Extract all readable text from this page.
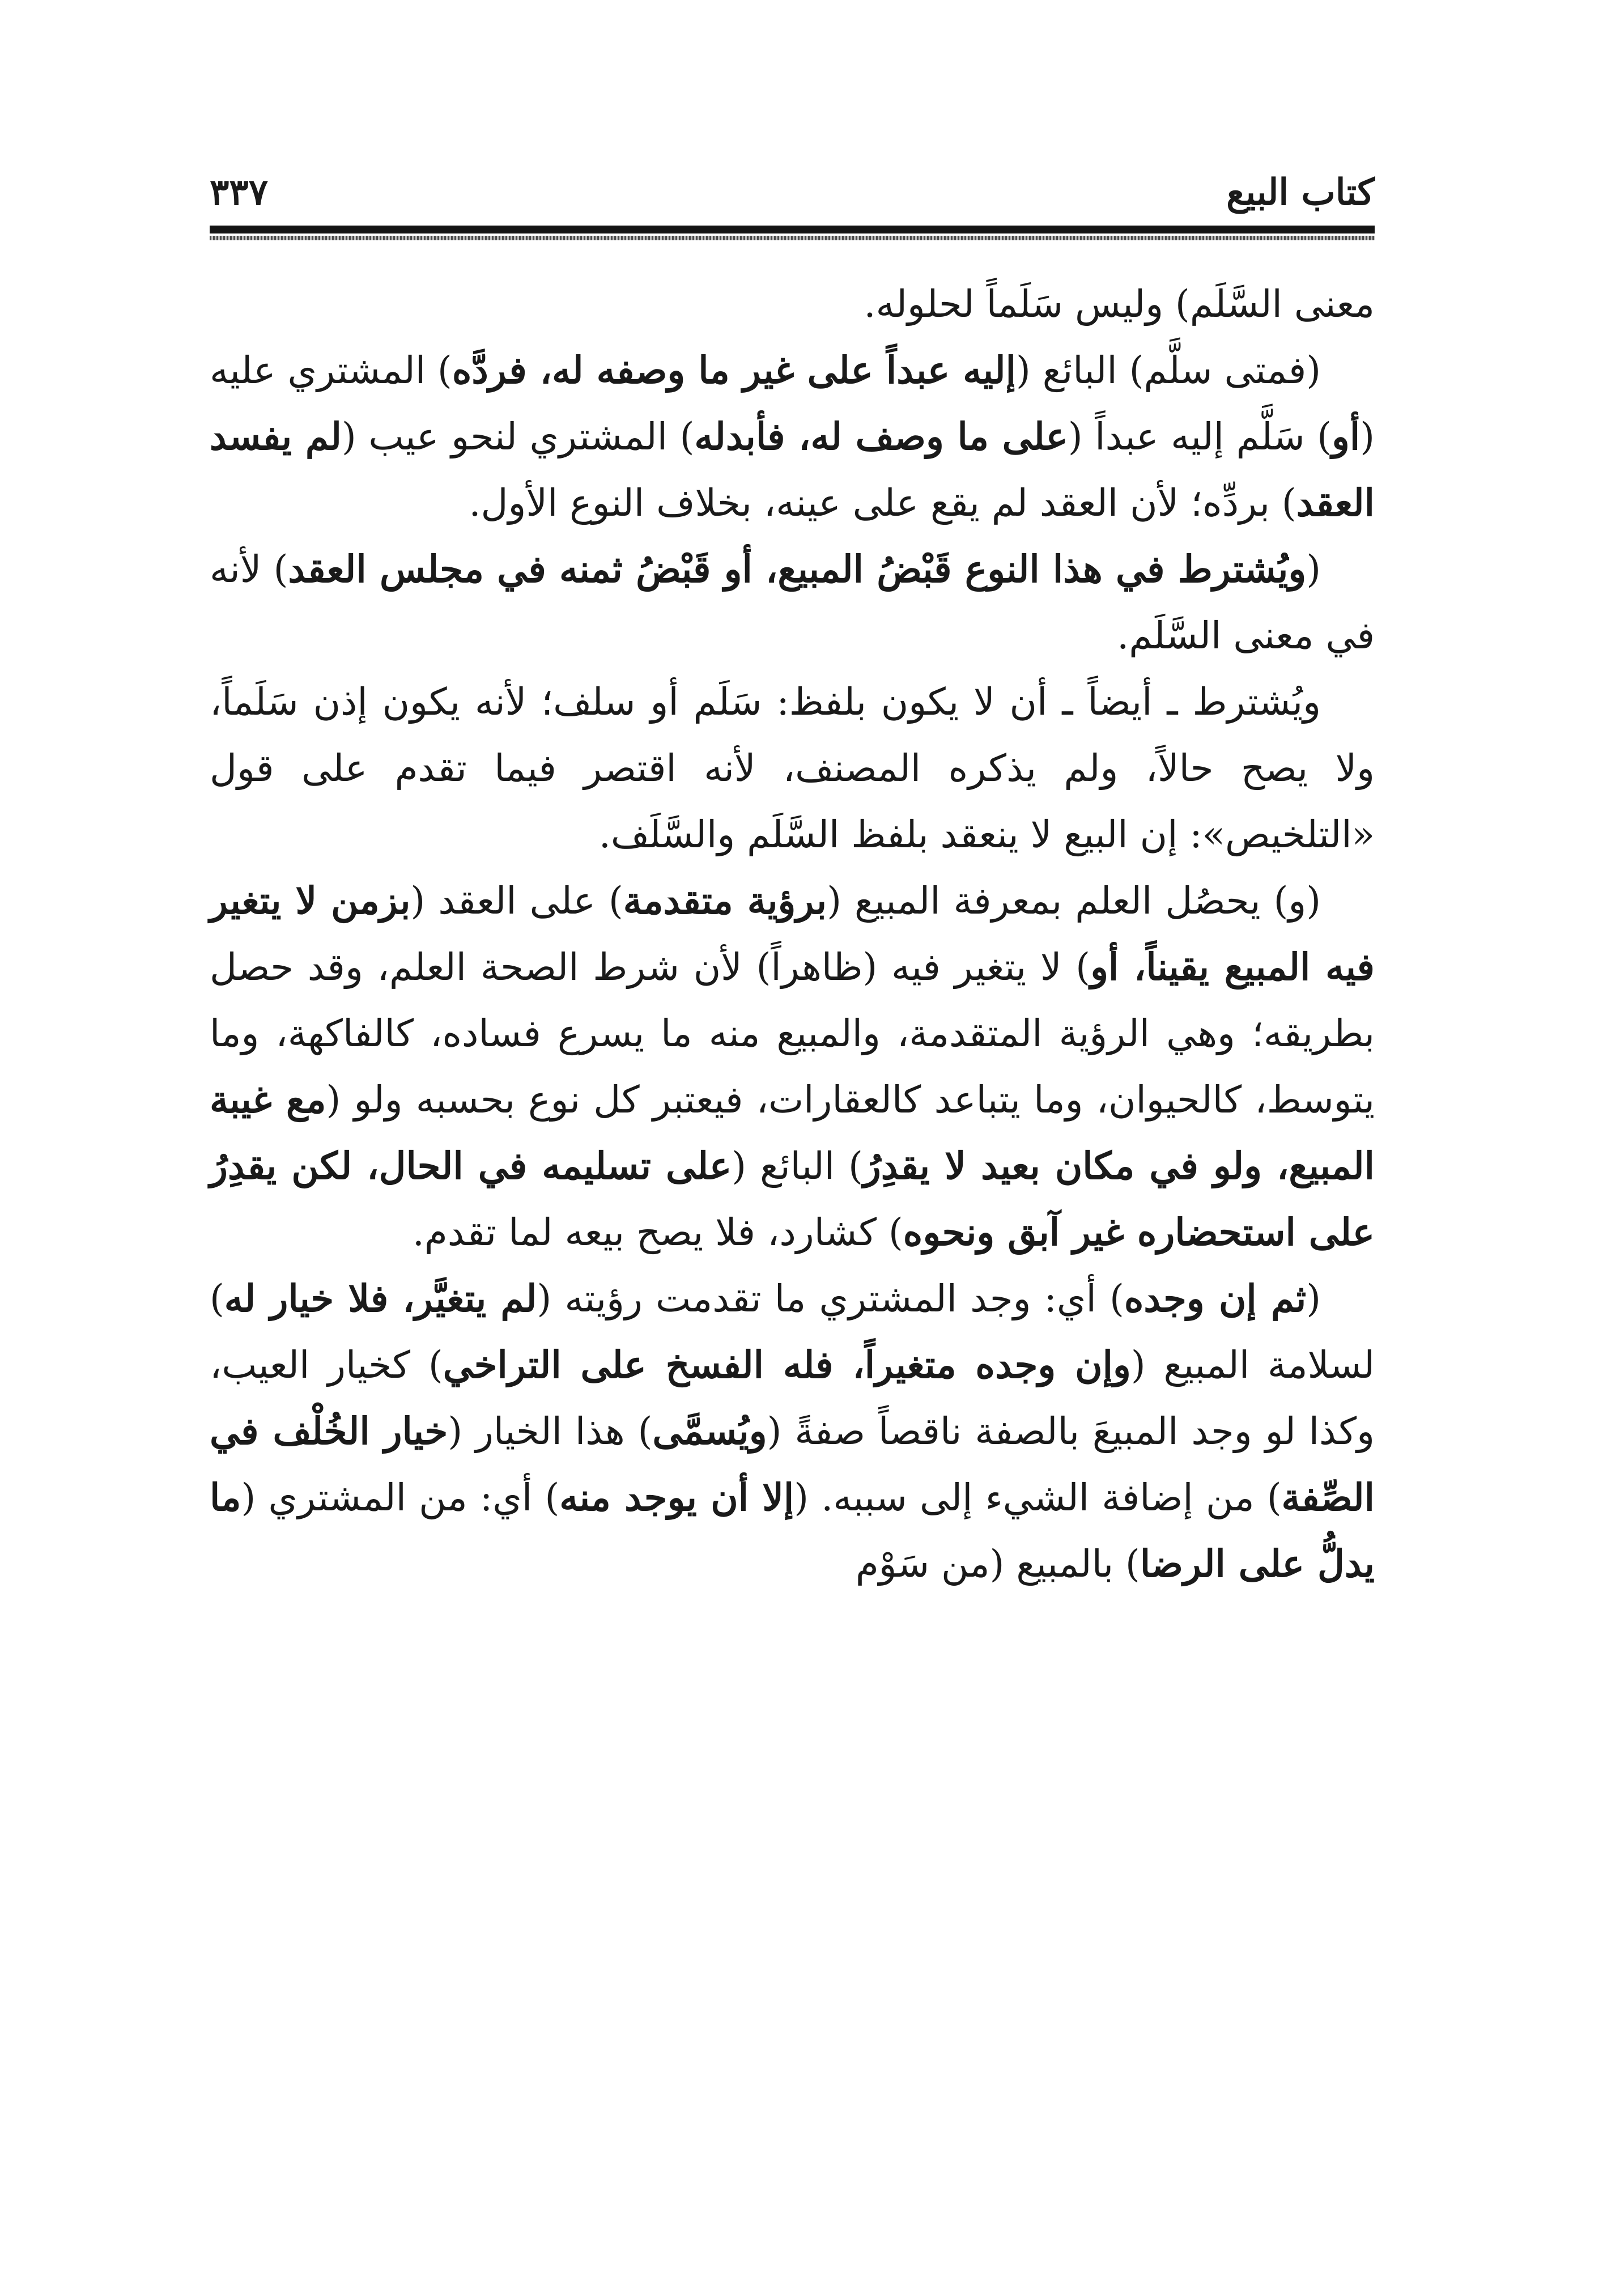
كتاب البيع
٣٣٧

معنى السَّلَم) وليس سَلَماً لحلوله.

(فمتى سلَّم) البائع (إليه عبداً على غير ما وصفه له، فردَّه) المشتري عليه (أو) سَلَّم إليه عبداً (على ما وصف له، فأبدله) المشتري لنحو عيب (لم يفسد العقد) بردِّه؛ لأن العقد لم يقع على عينه، بخلاف النوع الأول.

(ويُشترط في هذا النوع قَبْضُ المبيع، أو قَبْضُ ثمنه في مجلس العقد) لأنه في معنى السَّلَم.

ويُشترط ـ أيضاً ـ أن لا يكون بلفظ: سَلَم أو سلف؛ لأنه يكون إذن سَلَماً، ولا يصح حالاً، ولم يذكره المصنف، لأنه اقتصر فيما تقدم على قول «التلخيص»: إن البيع لا ينعقد بلفظ السَّلَم والسَّلَف.

(و) يحصُل العلم بمعرفة المبيع (برؤية متقدمة) على العقد (بزمن لا يتغير فيه المبيع يقيناً، أو) لا يتغير فيه (ظاهراً) لأن شرط الصحة العلم، وقد حصل بطريقه؛ وهي الرؤية المتقدمة، والمبيع منه ما يسرع فساده، كالفاكهة، وما يتوسط، كالحيوان، وما يتباعد كالعقارات، فيعتبر كل نوع بحسبه ولو (مع غيبة المبيع، ولو في مكان بعيد لا يقدِرُ) البائع (على تسليمه في الحال، لكن يقدِرُ على استحضاره غير آبق ونحوه) كشارد، فلا يصح بيعه لما تقدم.

(ثم إن وجده) أي: وجد المشتري ما تقدمت رؤيته (لم يتغيَّر، فلا خيار له) لسلامة المبيع (وإن وجده متغيراً، فله الفسخ على التراخي) كخيار العيب، وكذا لو وجد المبيعَ بالصفة ناقصاً صفةً (ويُسمَّى) هذا الخيار (خيار الخُلْف في الصِّفة) من إضافة الشيء إلى سببه. (إلا أن يوجد منه) أي: من المشتري (ما يدلُّ على الرضا) بالمبيع (من سَوْم
